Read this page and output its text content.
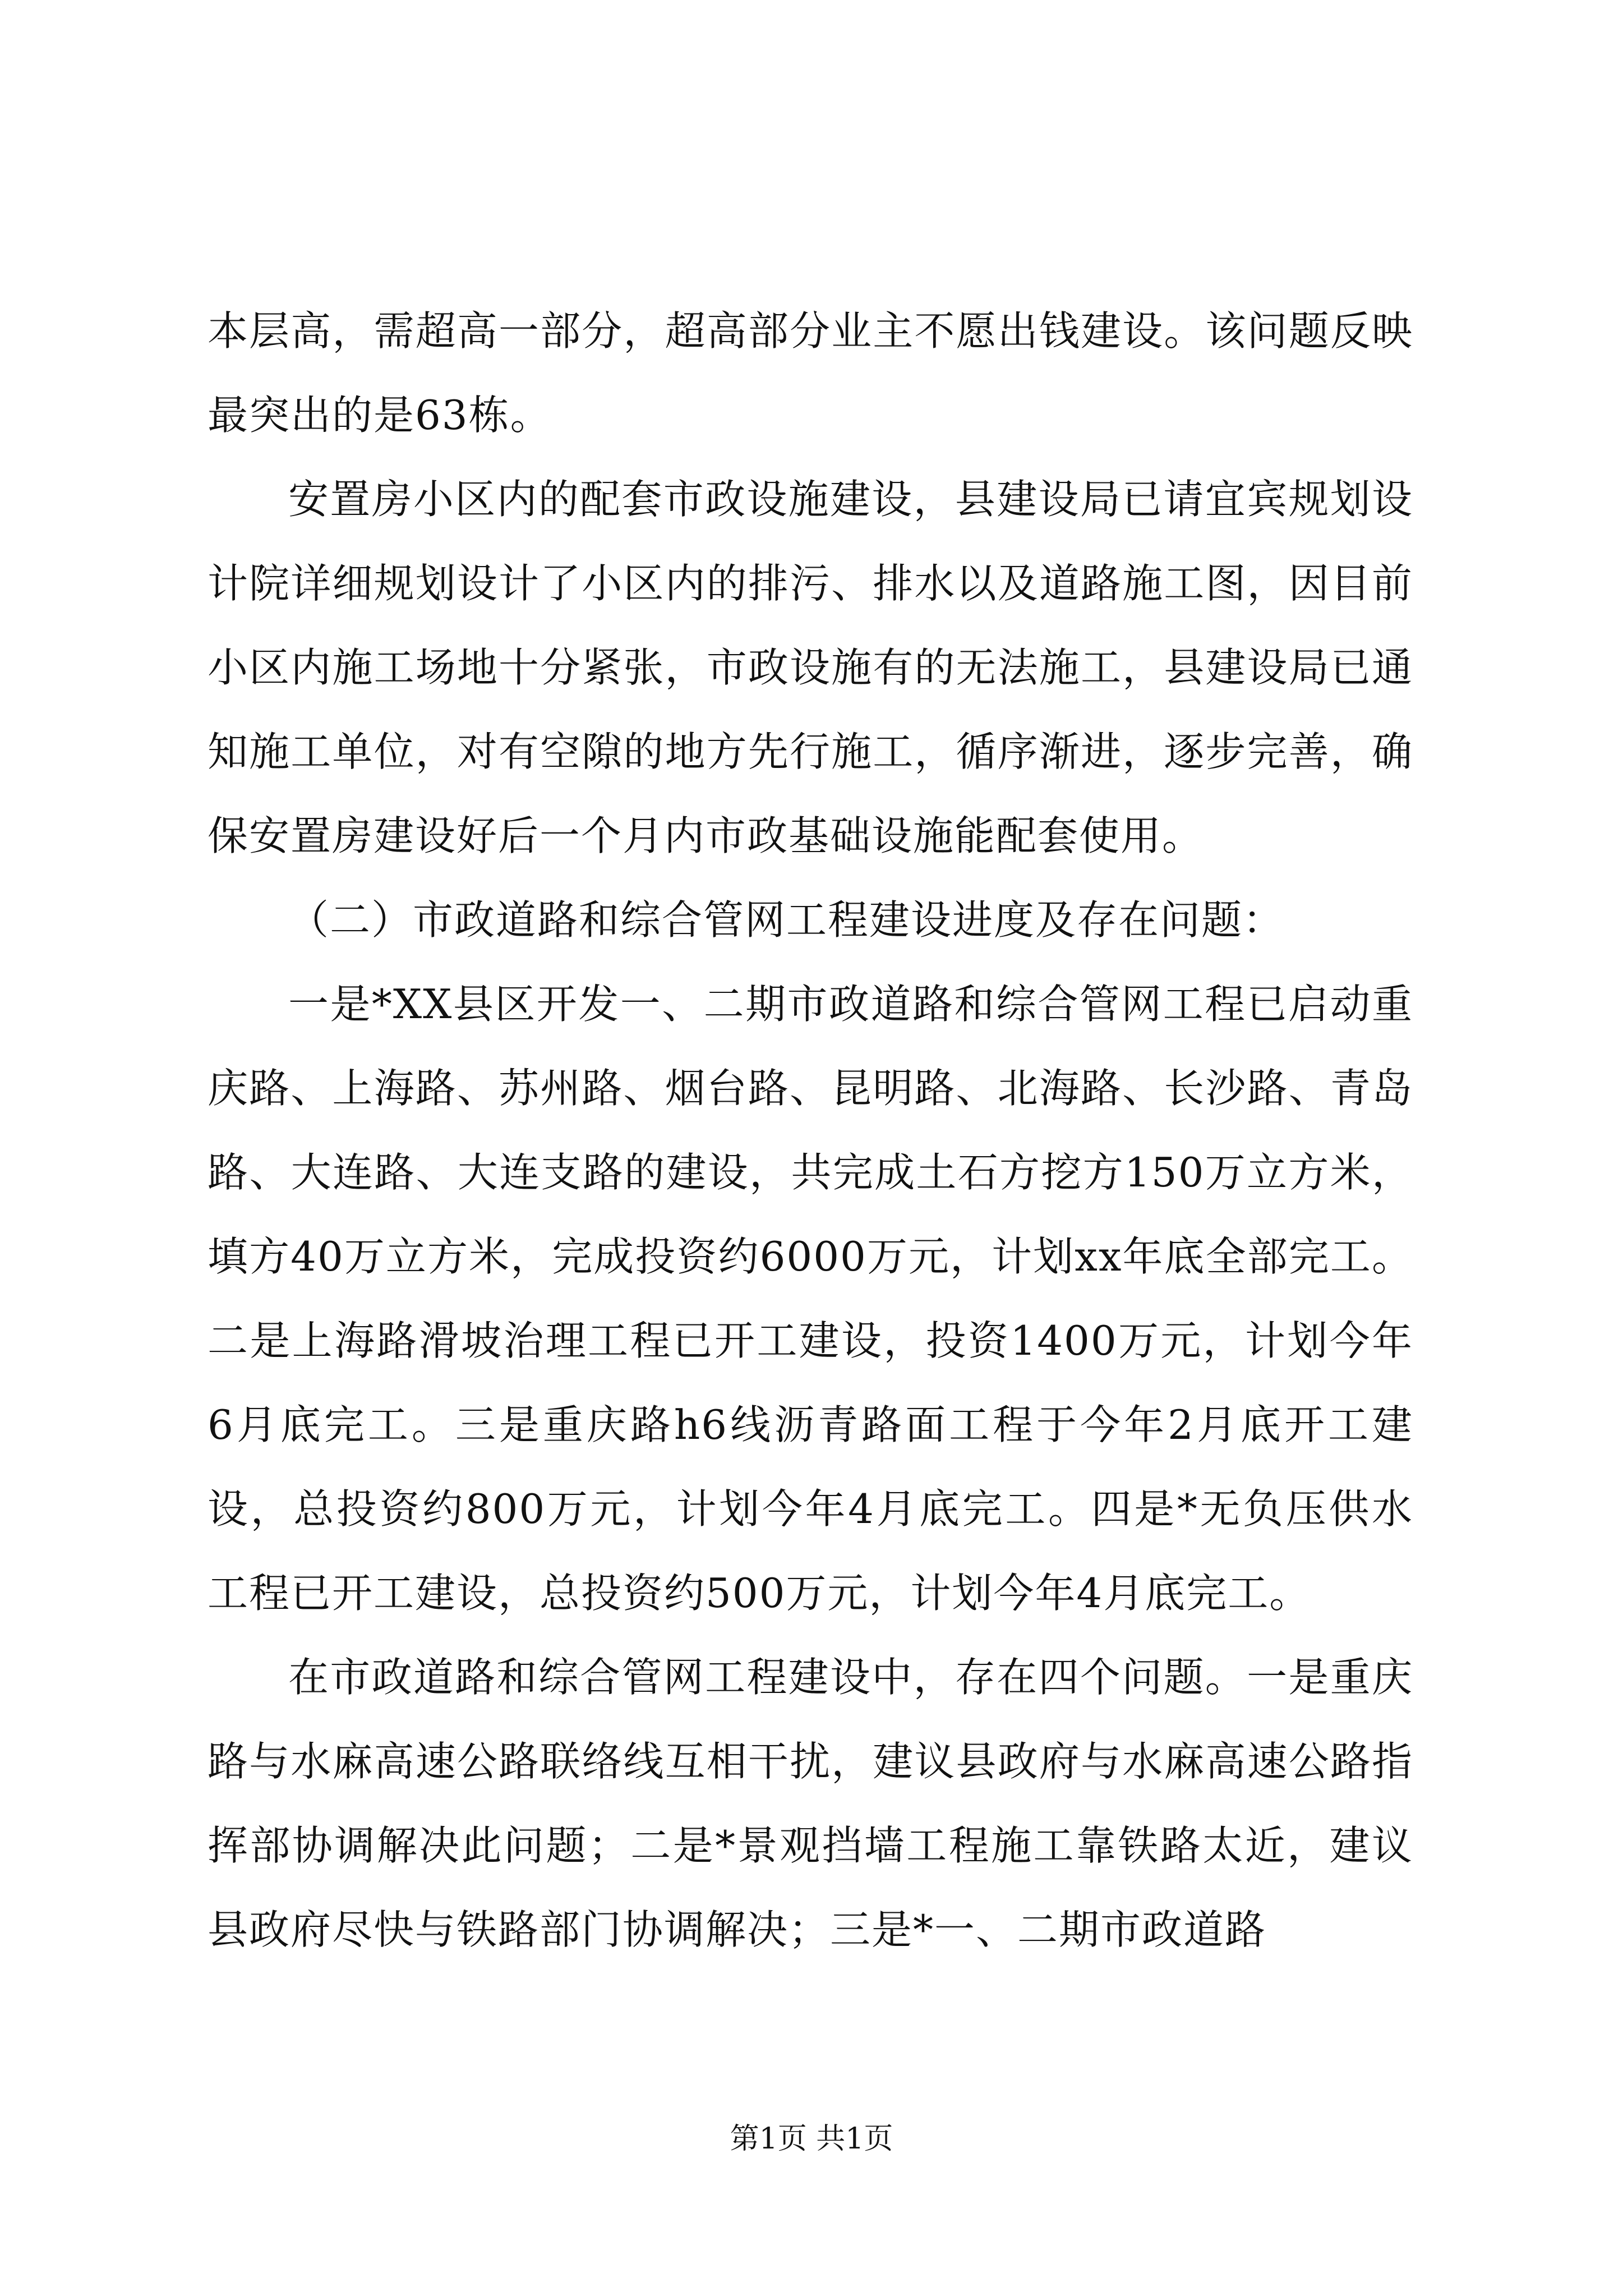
本层高，需超高一部分，超高部分业主不愿出钱建设。该问题反映最突出的是63栋。

安置房小区内的配套市政设施建设，县建设局已请宜宾规划设计院详细规划设计了小区内的排污、排水以及道路施工图，因目前小区内施工场地十分紧张，市政设施有的无法施工，县建设局已通知施工单位，对有空隙的地方先行施工，循序渐进，逐步完善，确保安置房建设好后一个月内市政基础设施能配套使用。

（二）市政道路和综合管网工程建设进度及存在问题：

一是*XX县区开发一、二期市政道路和综合管网工程已启动重庆路、上海路、苏州路、烟台路、昆明路、北海路、长沙路、青岛路、大连路、大连支路的建设，共完成土石方挖方150万立方米，填方40万立方米，完成投资约6000万元，计划xx年底全部完工。二是上海路滑坡治理工程已开工建设，投资1400万元，计划今年6月底完工。三是重庆路h6线沥青路面工程于今年2月底开工建设，总投资约800万元，计划今年4月底完工。四是*无负压供水工程已开工建设，总投资约500万元，计划今年4月底完工。

在市政道路和综合管网工程建设中，存在四个问题。一是重庆路与水麻高速公路联络线互相干扰，建议县政府与水麻高速公路指挥部协调解决此问题；二是*景观挡墙工程施工靠铁路太近，建议县政府尽快与铁路部门协调解决；三是*一、二期市政道路

第1页 共1页
